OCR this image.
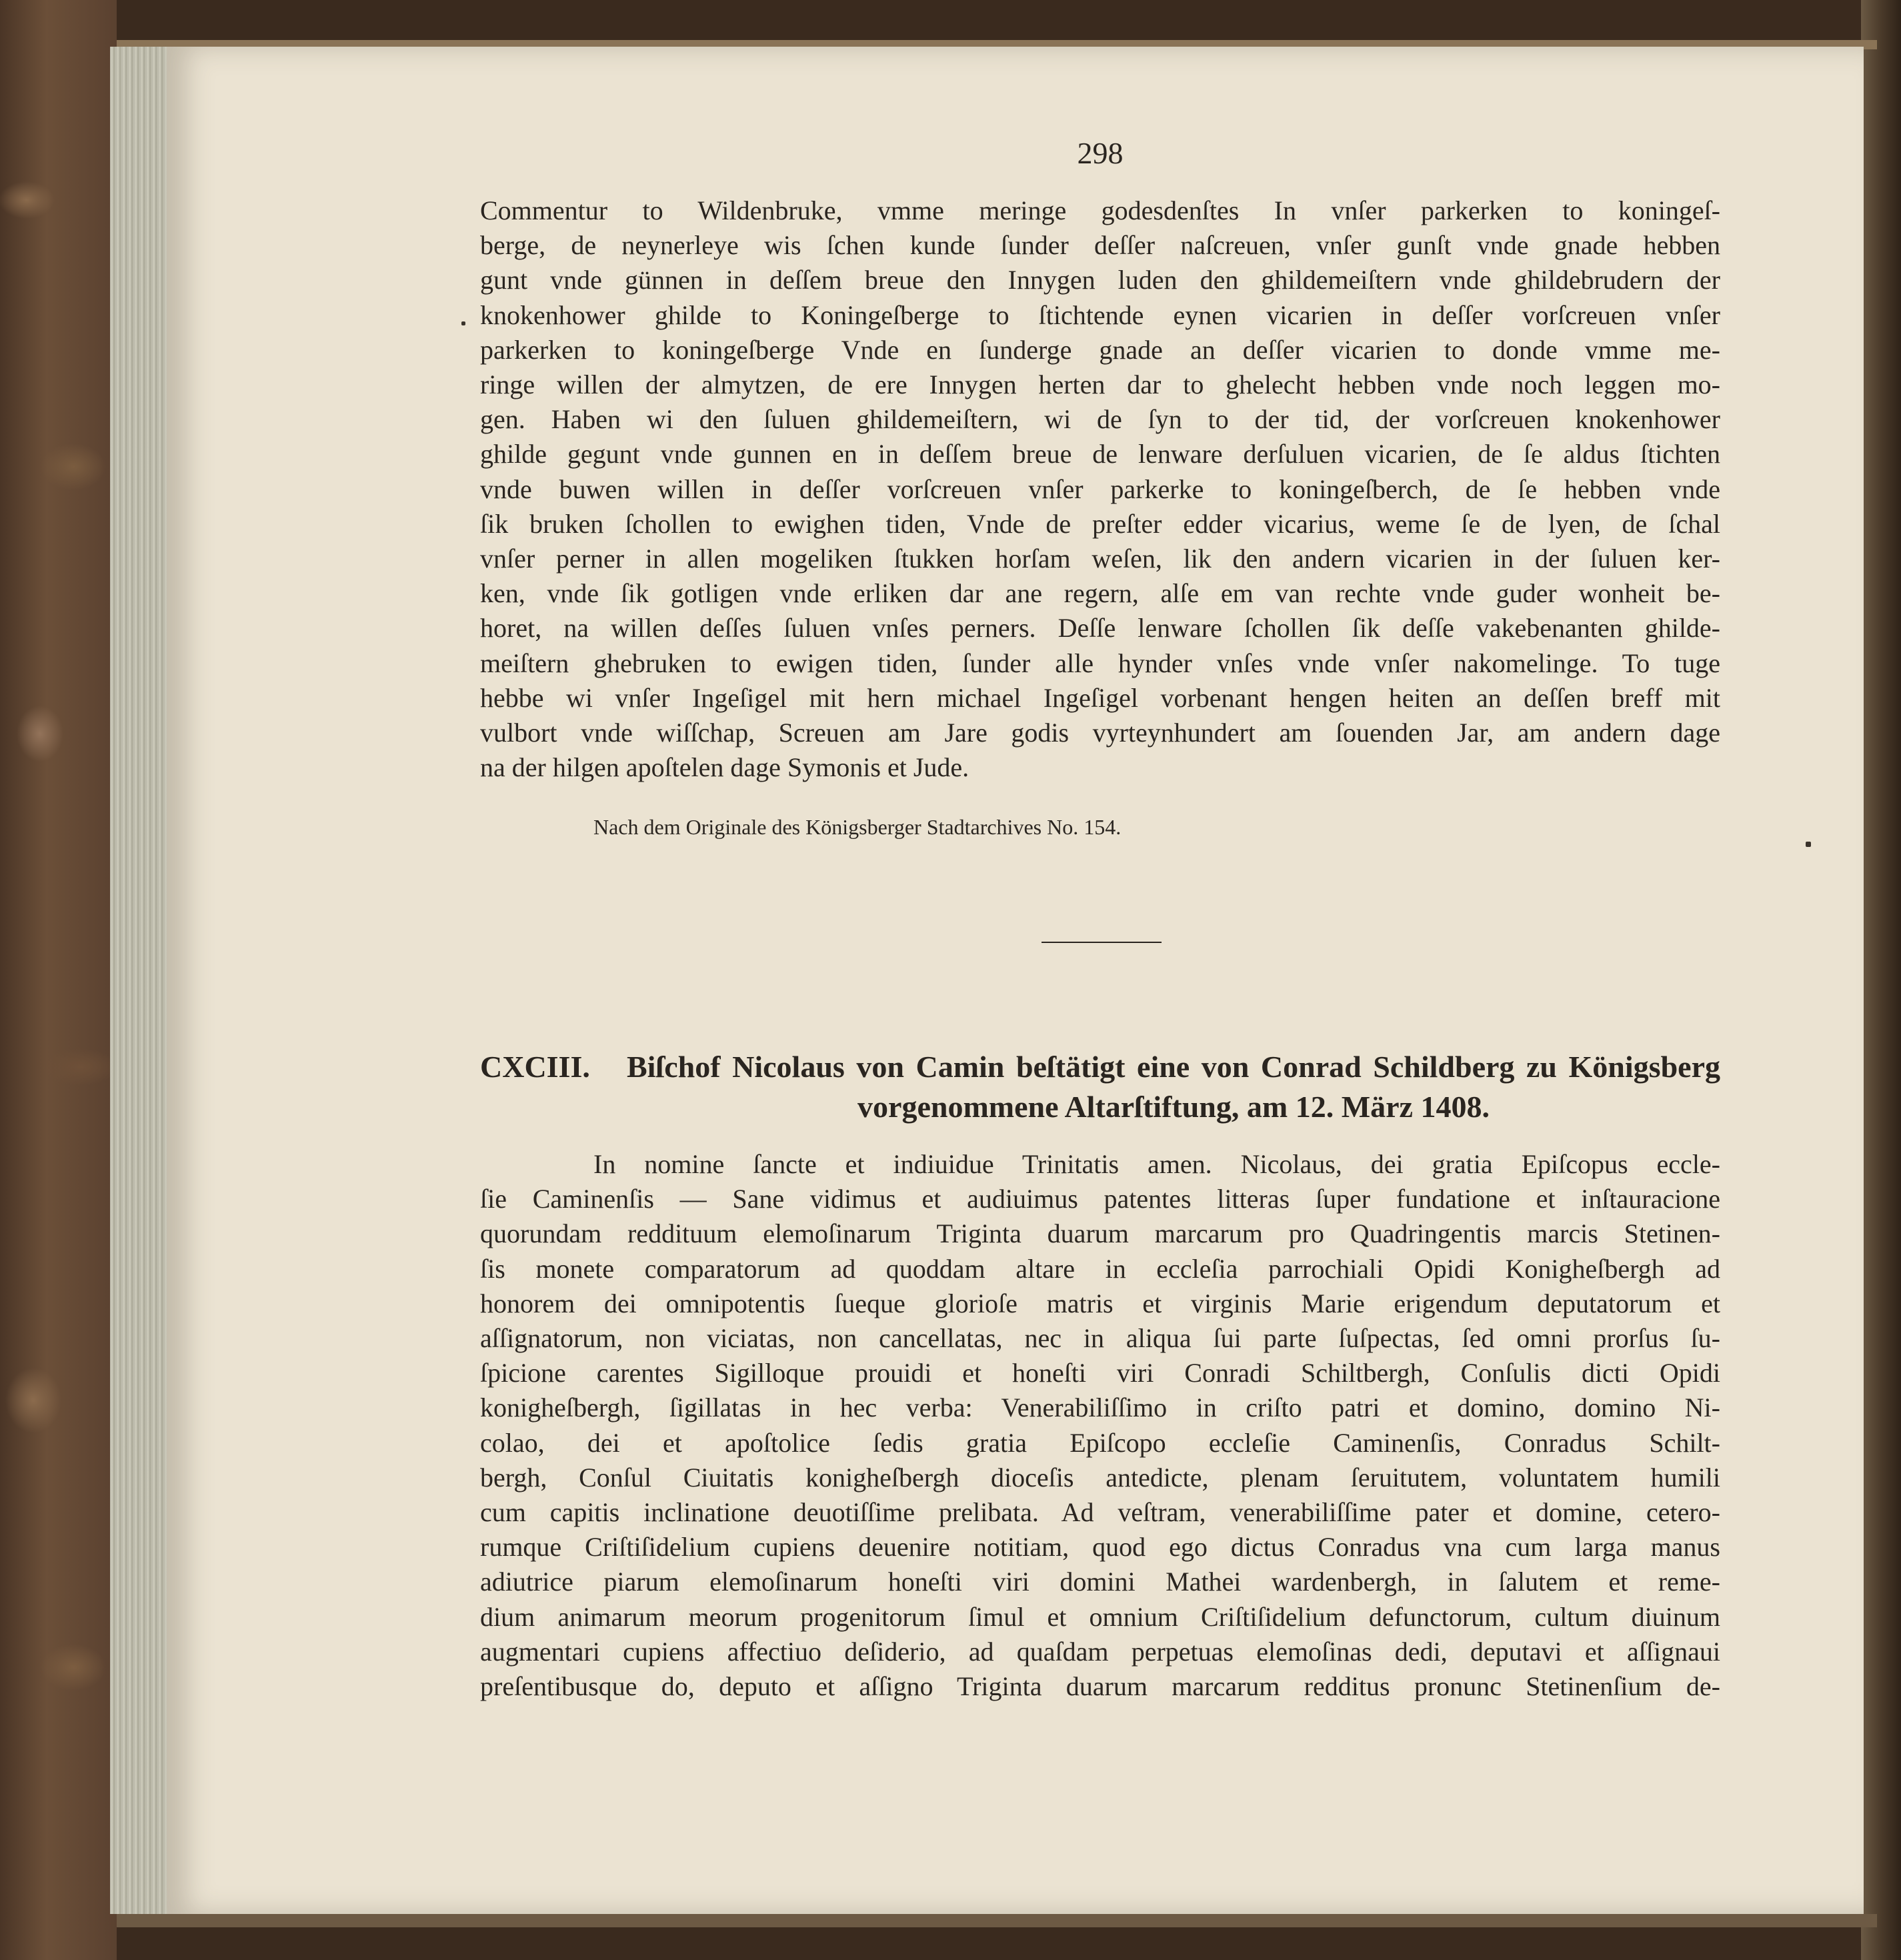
298
Commentur to Wildenbruke, vmme meringe godesdenſtes In vnſer parkerken to koningeſ-
berge, de neynerleye wis ſchen kunde ſunder deſſer naſcreuen, vnſer gunſt vnde gnade hebben
gunt vnde günnen in deſſem breue den Innygen luden den ghildemeiſtern vnde ghildebrudern der
knokenhower ghilde to Koningeſberge to ſtichtende eynen vicarien in deſſer vorſcreuen vnſer
parkerken to koningeſberge Vnde en ſunderge gnade an deſſer vicarien to donde vmme me-
ringe willen der almytzen, de ere Innygen herten dar to ghelecht hebben vnde noch leggen mo-
gen. Haben wi den ſuluen ghildemeiſtern, wi de ſyn to der tid, der vorſcreuen knokenhower
ghilde gegunt vnde gunnen en in deſſem breue de lenware derſuluen vicarien, de ſe aldus ſtichten
vnde buwen willen in deſſer vorſcreuen vnſer parkerke to koningeſberch, de ſe hebben vnde
ſik bruken ſchollen to ewighen tiden, Vnde de preſter edder vicarius, weme ſe de lyen, de ſchal
vnſer perner in allen mogeliken ſtukken horſam weſen, lik den andern vicarien in der ſuluen ker-
ken, vnde ſik gotligen vnde erliken dar ane regern, alſe em van rechte vnde guder wonheit be-
horet, na willen deſſes ſuluen vnſes perners. Deſſe lenware ſchollen ſik deſſe vakebenanten ghilde-
meiſtern ghebruken to ewigen tiden, ſunder alle hynder vnſes vnde vnſer nakomelinge. To tuge
hebbe wi vnſer Ingeſigel mit hern michael Ingeſigel vorbenant hengen heiten an deſſen breff mit
vulbort vnde wiſſchap, Screuen am Jare godis vyrteynhundert am ſouenden Jar, am andern dage
na der hilgen apoſtelen dage Symonis et Jude.
Nach dem Originale des Königsberger Stadtarchives No. 154.
CXCIII.	Biſchof Nicolaus von Camin beſtätigt eine von Conrad Schildberg zu Königsberg
vorgenommene Altarſtiftung, am 12. März 1408.
In nomine ſancte et indiuidue Trinitatis amen. Nicolaus, dei gratia Epiſcopus eccle-
ſie Caminenſis — Sane vidimus et audiuimus patentes litteras ſuper fundatione et inſtauracione
quorundam reddituum elemoſinarum Triginta duarum marcarum pro Quadringentis marcis Stetinen-
ſis monete comparatorum ad quoddam altare in eccleſia parrochiali Opidi Konigheſbergh ad
honorem dei omnipotentis ſueque glorioſe matris et virginis Marie erigendum deputatorum et
aſſignatorum, non viciatas, non cancellatas, nec in aliqua ſui parte ſuſpectas, ſed omni prorſus ſu-
ſpicione carentes Sigilloque prouidi et honeſti viri Conradi Schiltbergh, Conſulis dicti Opidi
konigheſbergh, ſigillatas in hec verba: Venerabiliſſimo in criſto patri et domino, domino Ni-
colao, dei et apoſtolice ſedis gratia Epiſcopo eccleſie Caminenſis, Conradus Schilt-
bergh, Conſul Ciuitatis konigheſbergh dioceſis antedicte, plenam ſeruitutem, voluntatem humili
cum capitis inclinatione deuotiſſime prelibata. Ad veſtram, venerabiliſſime pater et domine, cetero-
rumque Criſtiſidelium cupiens deuenire notitiam, quod ego dictus Conradus vna cum larga manus
adiutrice piarum elemoſinarum honeſti viri domini Mathei wardenbergh, in ſalutem et reme-
dium animarum meorum progenitorum ſimul et omnium Criſtiſidelium defunctorum, cultum diuinum
augmentari cupiens affectiuo deſiderio, ad quaſdam perpetuas elemoſinas dedi, deputavi et aſſignaui
preſentibusque do, deputo et aſſigno Triginta duarum marcarum redditus pronunc Stetinenſium de-
